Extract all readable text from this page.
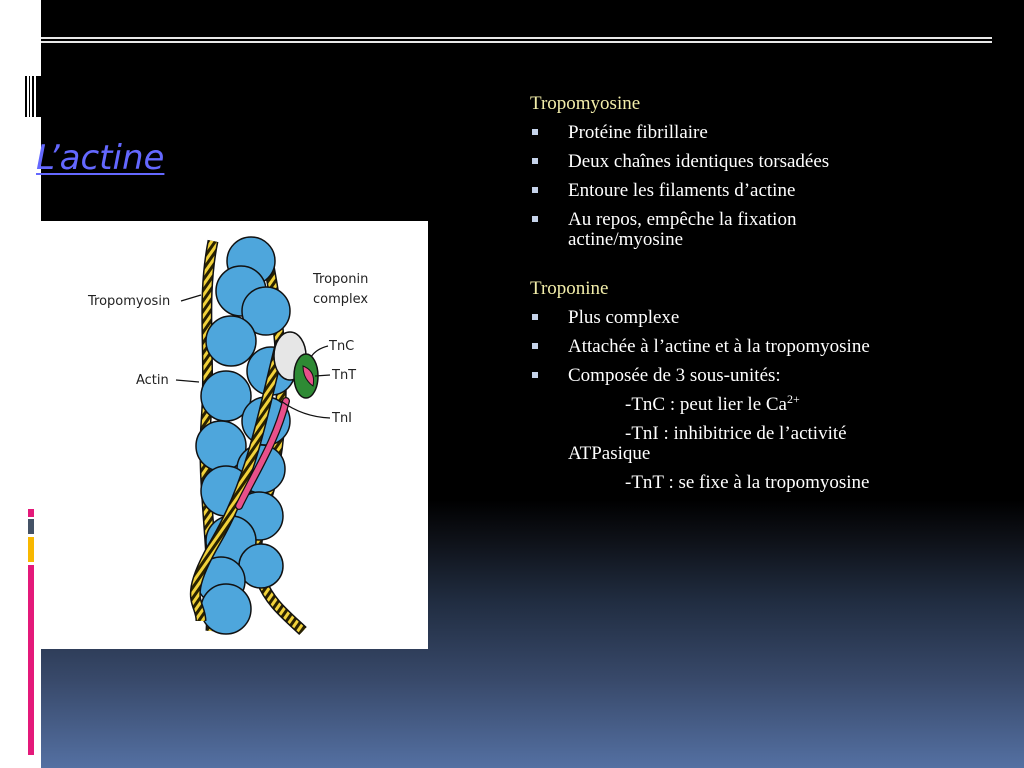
L’actine
Tropomyosin
Actin
Troponin
complex
TnC
TnT
TnI
Tropomyosine
Protéine fibrillaire
Deux chaînes identiques torsadées
Entoure les filaments d’actine
Au repos, empêche la fixation actine/myosine
Troponine
Plus complexe
Attachée à l’actine et à la tropomyosine
Composée de 3 sous-unités:
-TnC : peut lier le $Ca^{2+}$
-TnI : inhibitrice de l’activité
ATPasique
-TnT : se fixe à la tropomyosine
